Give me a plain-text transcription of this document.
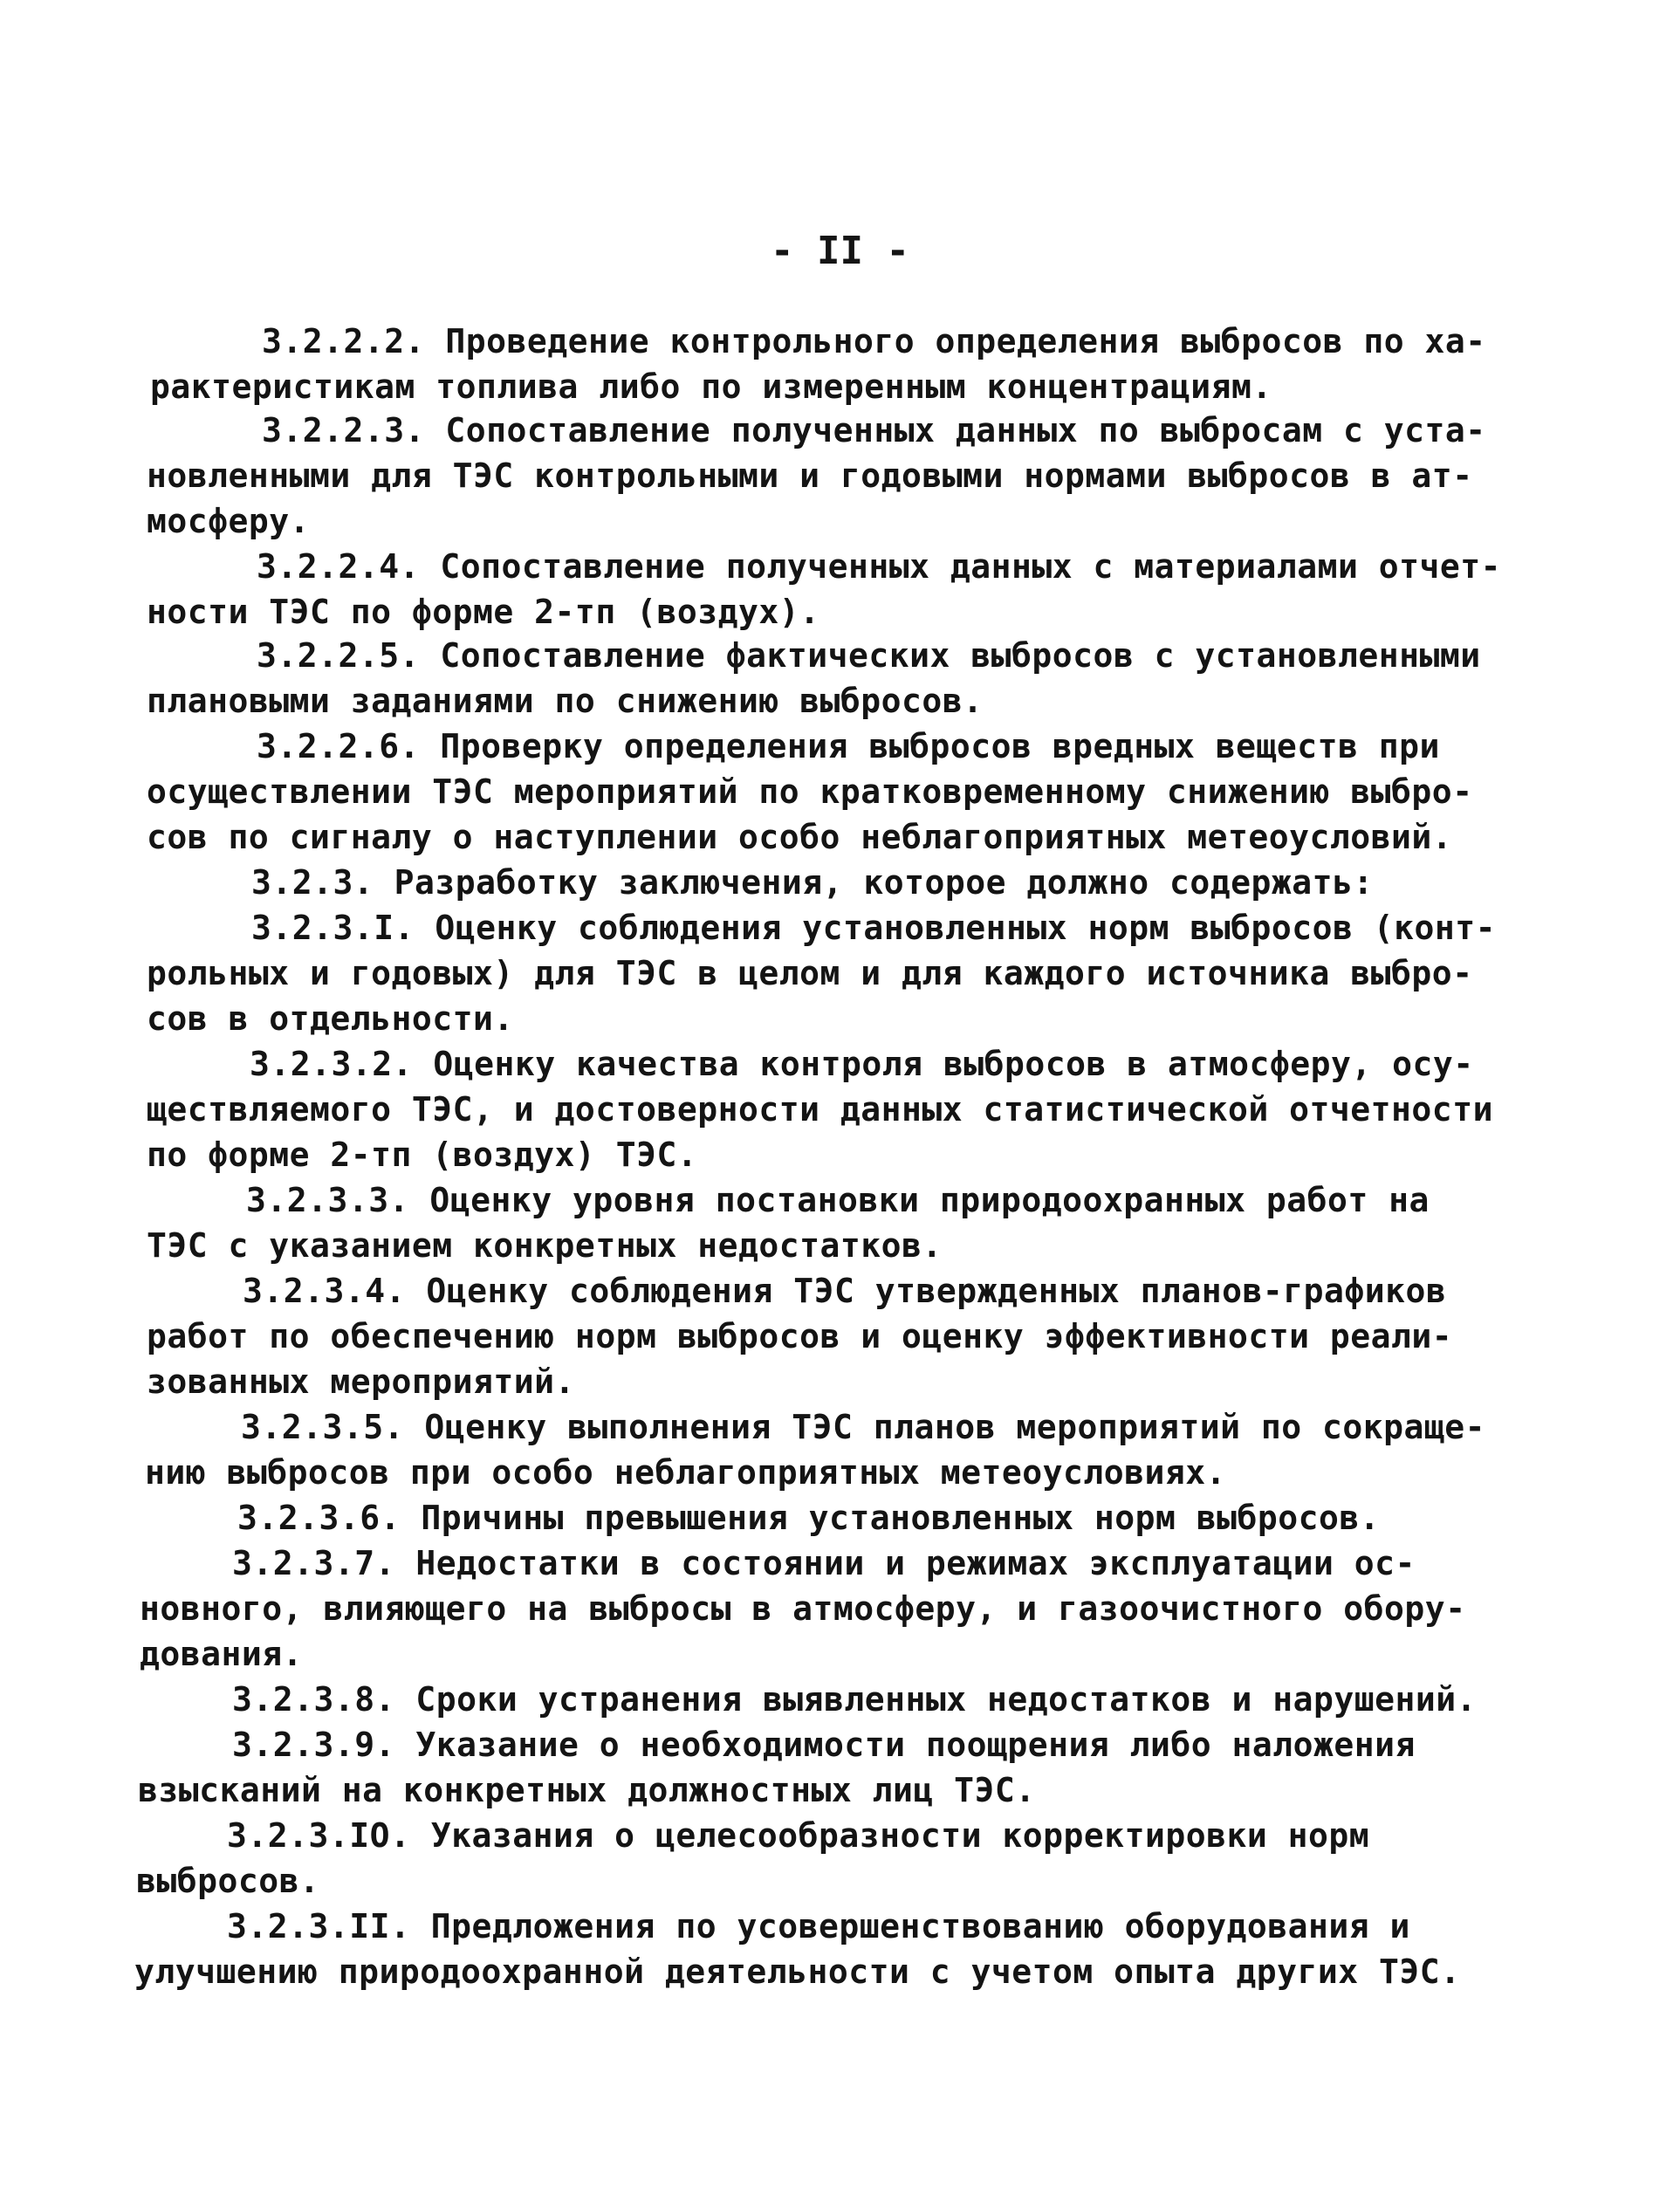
- II -
3.2.2.2. Проведение контрольного определения выбросов по ха-
рактеристикам топлива либо по измеренным концентрациям.
3.2.2.3. Сопоставление полученных данных по выбросам с уста-
новленными для ТЭС контрольными и годовыми нормами выбросов в ат-
мосферу.
3.2.2.4. Сопоставление полученных данных с материалами отчет-
ности ТЭС по форме 2-тп (воздух).
3.2.2.5. Сопоставление фактических выбросов с установленными
плановыми заданиями по снижению выбросов.
3.2.2.6. Проверку определения выбросов вредных веществ при
осуществлении ТЭС мероприятий по кратковременному снижению выбро-
сов по сигналу о наступлении особо неблагоприятных метеоусловий.
3.2.3. Разработку заключения, которое должно содержать:
3.2.3.I. Оценку соблюдения установленных норм выбросов (конт-
рольных и годовых) для ТЭС в целом и для каждого источника выбро-
сов в отдельности.
3.2.3.2. Оценку качества контроля выбросов в атмосферу, осу-
ществляемого ТЭС, и достоверности данных статистической отчетности
по форме 2-тп (воздух) ТЭС.
3.2.3.3. Оценку уровня постановки природоохранных работ на
ТЭС с указанием конкретных недостатков.
3.2.3.4. Оценку соблюдения ТЭС утвержденных планов-графиков
работ по обеспечению норм выбросов и оценку эффективности реали-
зованных мероприятий.
3.2.3.5. Оценку выполнения ТЭС планов мероприятий по сокраще-
нию выбросов при особо неблагоприятных метеоусловиях.
3.2.3.6. Причины превышения установленных норм выбросов.
3.2.3.7. Недостатки в состоянии и режимах эксплуатации ос-
новного, влияющего на выбросы в атмосферу, и газоочистного обору-
дования.
3.2.3.8. Сроки устранения выявленных недостатков и нарушений.
3.2.3.9. Указание о необходимости поощрения либо наложения
взысканий на конкретных должностных лиц ТЭС.
3.2.3.IO. Указания о целесообразности корректировки норм
выбросов.
3.2.3.II. Предложения по усовершенствованию оборудования и
улучшению природоохранной деятельности с учетом опыта других ТЭС.
